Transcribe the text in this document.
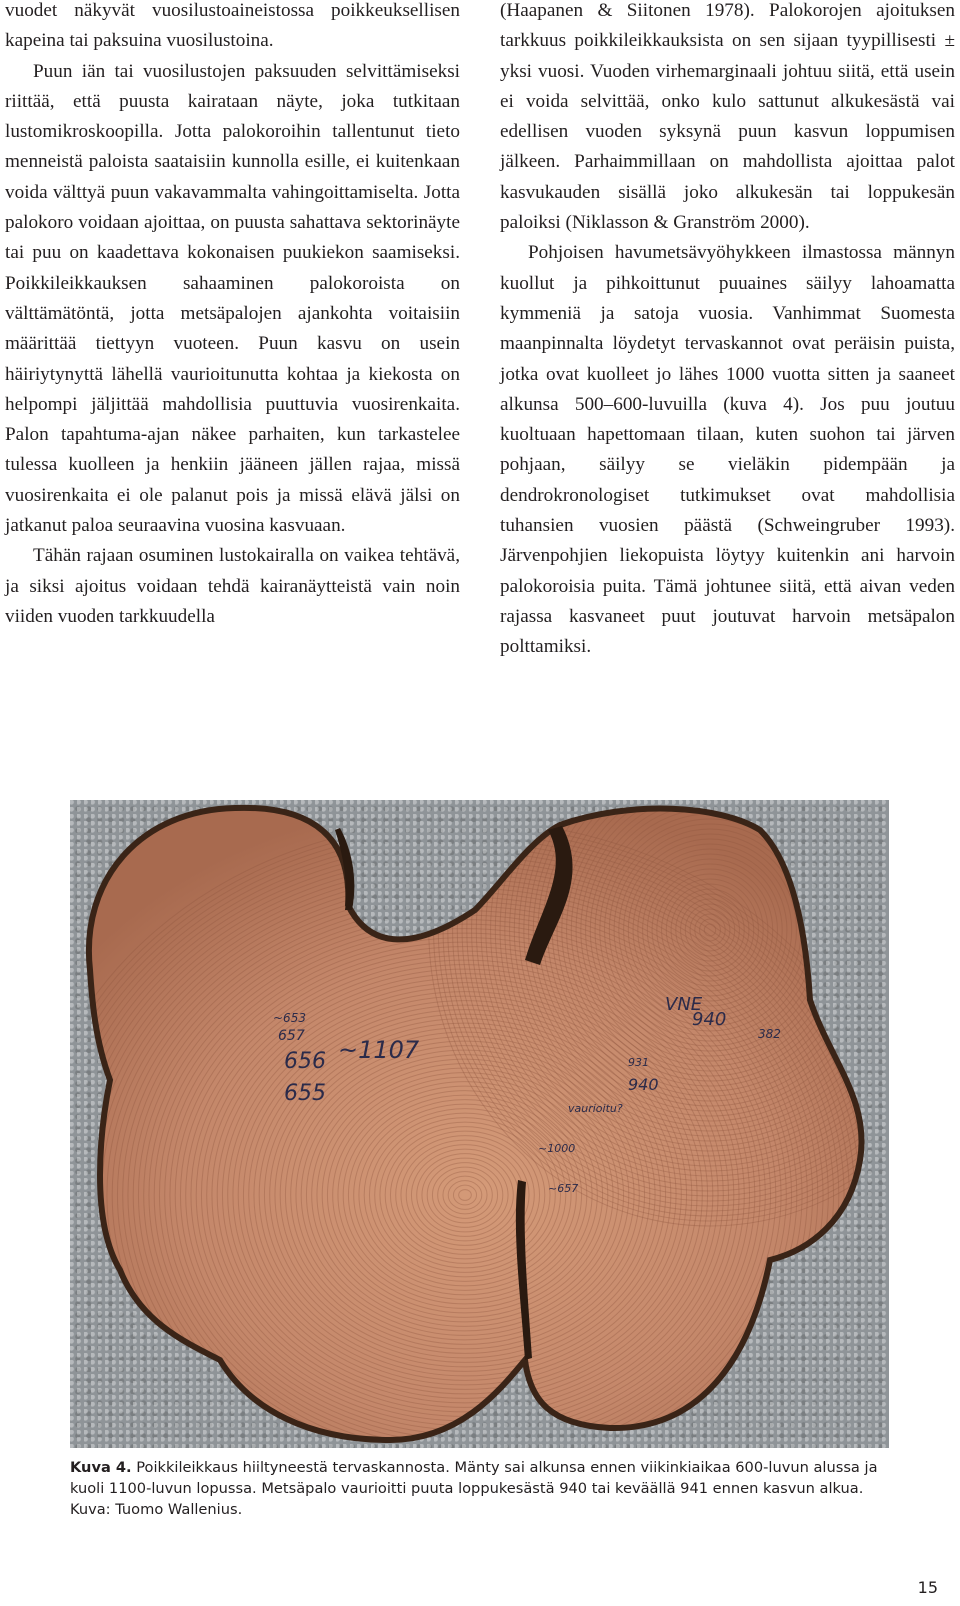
vuodet näkyvät vuosilustoaineistossa poikkeuksellisen kapeina tai paksuina vuosilustoina.

Puun iän tai vuosilustojen paksuuden selvittämiseksi riittää, että puusta kairataan näyte, joka tutkitaan lustomikroskoopilla. Jotta palokoroihin tallentunut tieto menneistä paloista saataisiin kunnolla esille, ei kuitenkaan voida välttyä puun vakavammalta vahingoittamiselta. Jotta palokoro voidaan ajoittaa, on puusta sahattava sektorinäyte tai puu on kaadettava kokonaisen puukiekon saamiseksi. Poikkileikkauksen sahaaminen palokoroista on välttämätöntä, jotta metsäpalojen ajankohta voitaisiin määrittää tiettyyn vuoteen. Puun kasvu on usein häiriytynyttä lähellä vaurioitunutta kohtaa ja kiekosta on helpompi jäljittää mahdollisia puuttuvia vuosirenkaita. Palon tapahtuma-ajan näkee parhaiten, kun tarkastelee tulessa kuolleen ja henkiin jääneen jällen rajaa, missä vuosirenkaita ei ole palanut pois ja missä elävä jälsi on jatkanut paloa seuraavina vuosina kasvuaan.

Tähän rajaan osuminen lustokairalla on vaikea tehtävä, ja siksi ajoitus voidaan tehdä kairanäytteistä vain noin viiden vuoden tarkkuudella

(Haapanen & Siitonen 1978). Palokorojen ajoituksen tarkkuus poikkileikkauksista on sen sijaan tyypillisesti ± yksi vuosi. Vuoden virhemarginaali johtuu siitä, että usein ei voida selvittää, onko kulo sattunut alkukesästä vai edellisen vuoden syksynä puun kasvun loppumisen jälkeen. Parhaimmillaan on mahdollista ajoittaa palot kasvukauden sisällä joko alkukesän tai loppukesän paloiksi (Niklasson & Granström 2000).

Pohjoisen havumetsävyöhykkeen ilmastossa männyn kuollut ja pihkoittunut puuaines säilyy lahoamatta kymmeniä ja satoja vuosia. Vanhimmat Suomesta maanpinnalta löydetyt tervaskannot ovat peräisin puista, jotka ovat kuolleet jo lähes 1000 vuotta sitten ja saaneet alkunsa 500–600-luvuilla (kuva 4). Jos puu joutuu kuoltuaan hapettomaan tilaan, kuten suohon tai järven pohjaan, säilyy se vieläkin pidempään ja dendrokronologiset tutkimukset ovat mahdollisia tuhansien vuosien päästä (Schweingruber 1993). Järvenpohjien liekopuista löytyy kuitenkin ani harvoin palokoroisia puita. Tämä johtunee siitä, että aivan veden rajassa kasvaneet puut joutuvat harvoin metsäpalon polttamiksi.

~653
657
656 ~1107
655
~1000
~657
vaurioitu?
931
940
VNE
940
382
Kuva 4. Poikkileikkaus hiiltyneestä tervaskannosta. Mänty sai alkunsa ennen viikinkiaikaa 600-luvun alussa ja kuoli 1100-luvun lopussa. Metsäpalo vaurioitti puuta loppukesästä 940 tai keväällä 941 ennen kasvun alkua. Kuva: Tuomo Wallenius.
15
